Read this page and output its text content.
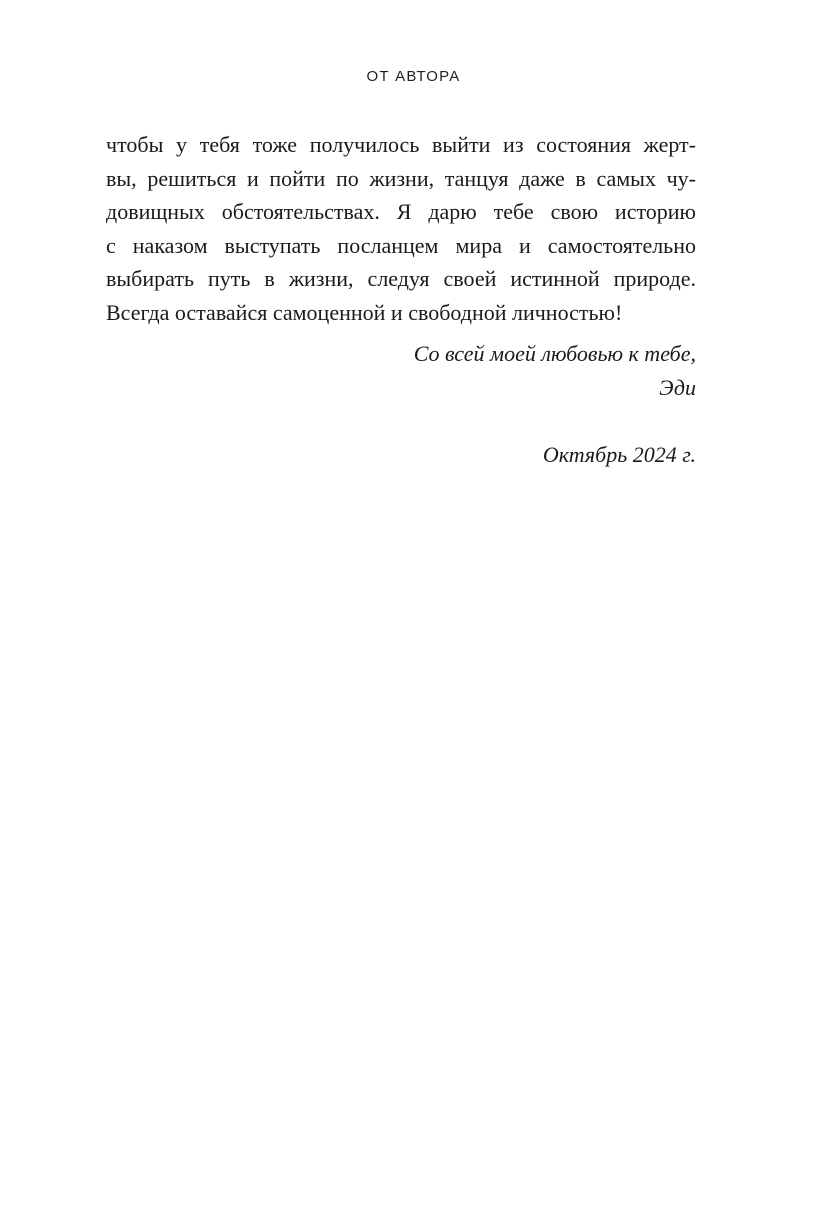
ОТ АВТОРА
чтобы у тебя тоже получилось выйти из состояния жерт-
вы, решиться и пойти по жизни, танцуя даже в самых чу-
довищных обстоятельствах. Я дарю тебе свою историю
с наказом выступать посланцем мира и самостоятельно
выбирать путь в жизни, следуя своей истинной природе.
Всегда оставайся самоценной и свободной личностью!
Со всей моей любовью к тебе,
Эди
Октябрь 2024 г.
